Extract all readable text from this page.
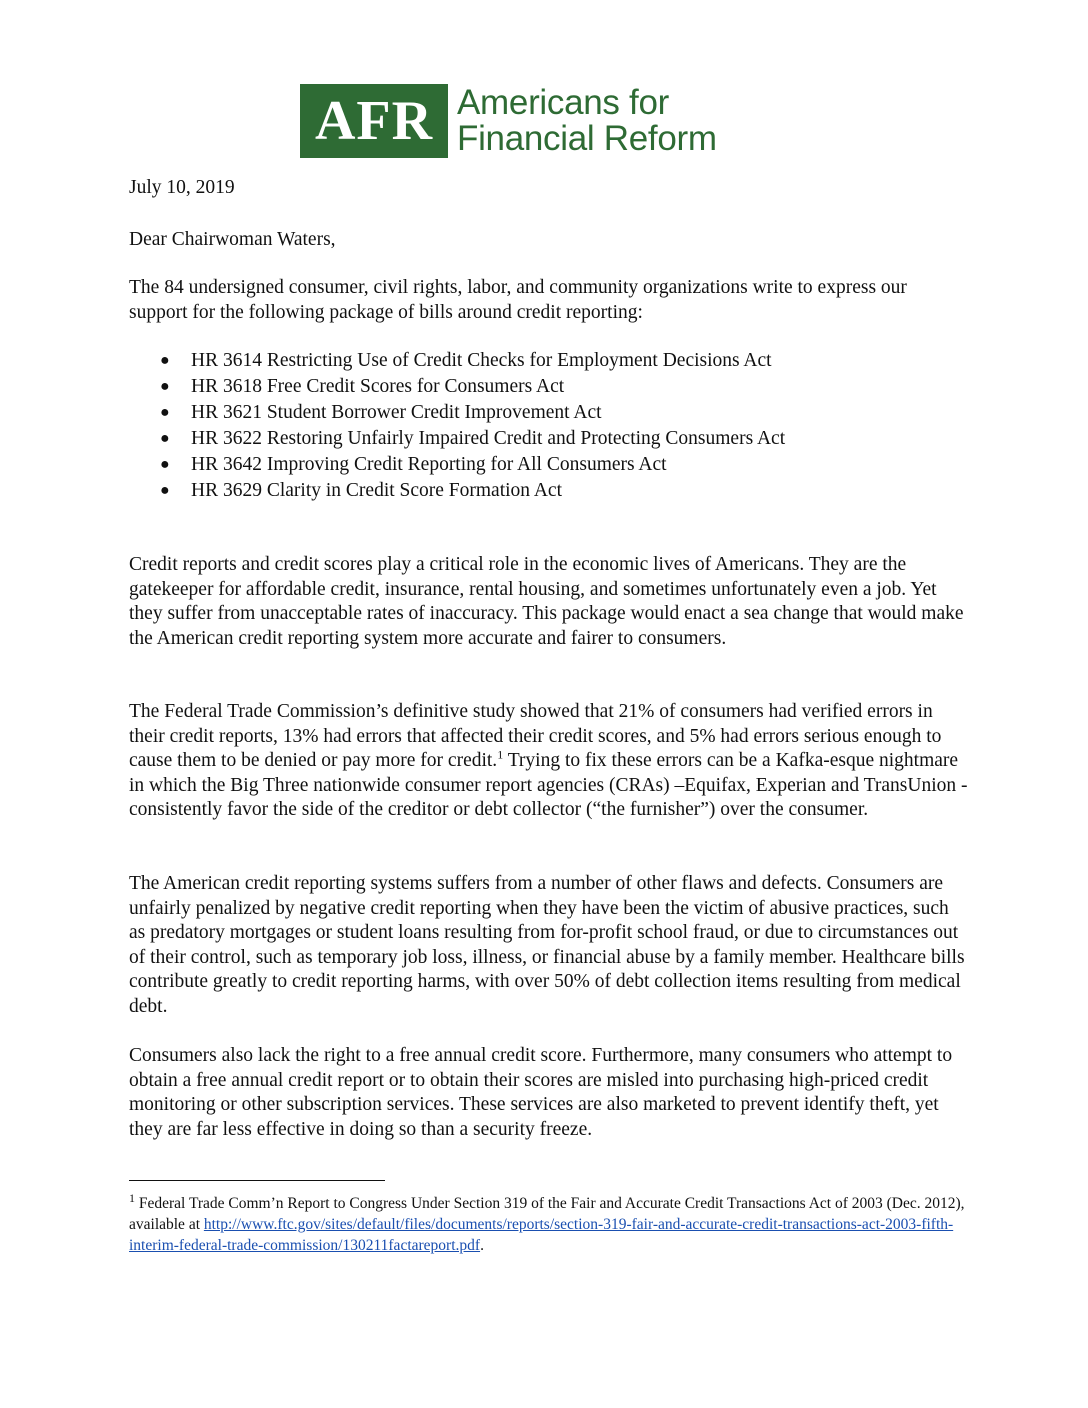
AFR Americans for
Financial Reform

July 10, 2019

Dear Chairwoman Waters,

The 84 undersigned consumer, civil rights, labor, and community organizations write to express our support for the following package of bills around credit reporting:

● HR 3614 Restricting Use of Credit Checks for Employment Decisions Act
● HR 3618 Free Credit Scores for Consumers Act
● HR 3621 Student Borrower Credit Improvement Act
● HR 3622 Restoring Unfairly Impaired Credit and Protecting Consumers Act
● HR 3642 Improving Credit Reporting for All Consumers Act
● HR 3629 Clarity in Credit Score Formation Act

Credit reports and credit scores play a critical role in the economic lives of Americans. They are the gatekeeper for affordable credit, insurance, rental housing, and sometimes unfortunately even a job. Yet they suffer from unacceptable rates of inaccuracy. This package would enact a sea change that would make the American credit reporting system more accurate and fairer to consumers.

The Federal Trade Commission’s definitive study showed that 21% of consumers had verified errors in their credit reports, 13% had errors that affected their credit scores, and 5% had errors serious enough to cause them to be denied or pay more for credit.$^1$ Trying to fix these errors can be a Kafka-esque nightmare in which the Big Three nationwide consumer report agencies (CRAs) –Equifax, Experian and TransUnion - consistently favor the side of the creditor or debt collector (“the furnisher”) over the consumer.

The American credit reporting systems suffers from a number of other flaws and defects. Consumers are unfairly penalized by negative credit reporting when they have been the victim of abusive practices, such as predatory mortgages or student loans resulting from for-profit school fraud, or due to circumstances out of their control, such as temporary job loss, illness, or financial abuse by a family member. Healthcare bills contribute greatly to credit reporting harms, with over 50% of debt collection items resulting from medical debt.

Consumers also lack the right to a free annual credit score. Furthermore, many consumers who attempt to obtain a free annual credit report or to obtain their scores are misled into purchasing high-priced credit monitoring or other subscription services. These services are also marketed to prevent identify theft, yet they are far less effective in doing so than a security freeze.

$^1$ Federal Trade Comm’n Report to Congress Under Section 319 of the Fair and Accurate Credit Transactions Act of 2003 (Dec. 2012), available at http://www.ftc.gov/sites/default/files/documents/reports/section-319-fair-and-accurate-credit-transactions-act-2003-fifth-interim-federal-trade-commission/130211factareport.pdf.
